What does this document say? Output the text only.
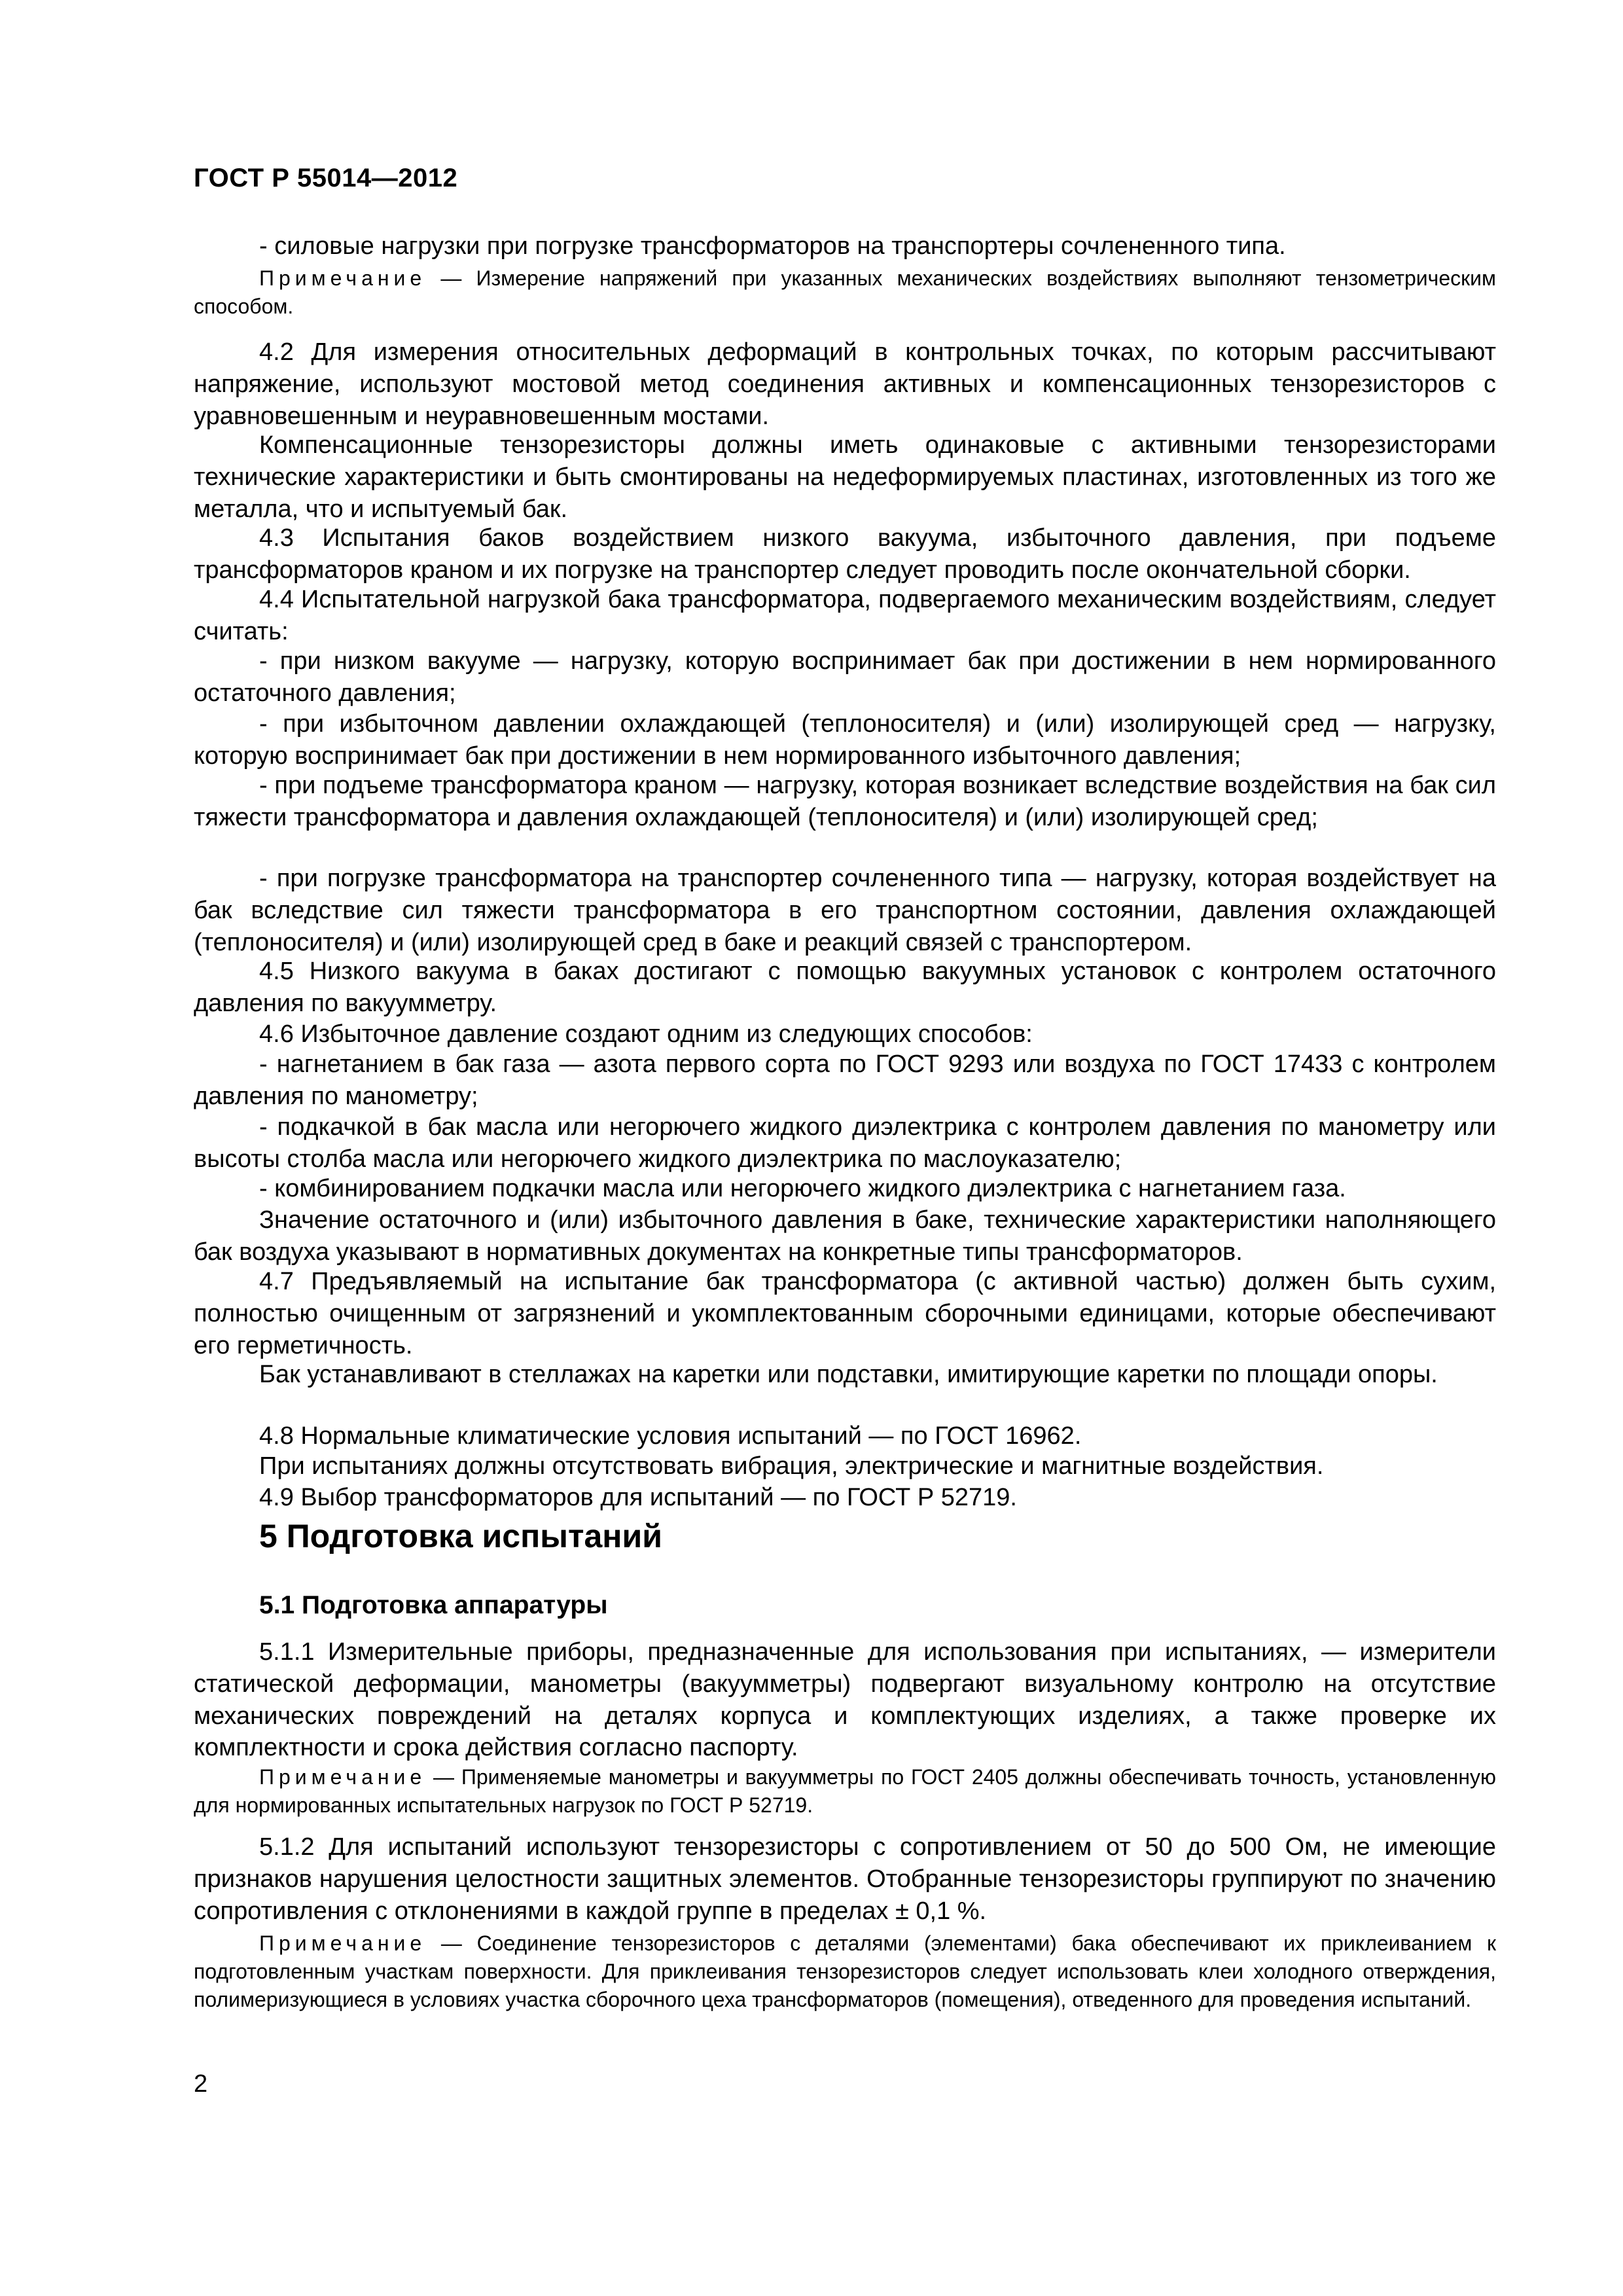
ГОСТ Р 55014—2012

- силовые нагрузки при погрузке трансформаторов на транспортеры сочлененного типа.

Примечание — Измерение напряжений при указанных механических воздействиях выполняют тензометрическим способом.

4.2 Для измерения относительных деформаций в контрольных точках, по которым рассчитывают напряжение, используют мостовой метод соединения активных и компенсационных тензорезисторов с уравновешенным и неуравновешенным мостами.

Компенсационные тензорезисторы должны иметь одинаковые с активными тензорезисторами технические характеристики и быть смонтированы на недеформируемых пластинах, изготовленных из того же металла, что и испытуемый бак.

4.3 Испытания баков воздействием низкого вакуума, избыточного давления, при подъеме трансформаторов краном и их погрузке на транспортер следует проводить после окончательной сборки.

4.4 Испытательной нагрузкой бака трансформатора, подвергаемого механическим воздействиям, следует считать:

- при низком вакууме — нагрузку, которую воспринимает бак при достижении в нем нормированного остаточного давления;

- при избыточном давлении охлаждающей (теплоносителя) и (или) изолирующей сред — нагрузку, которую воспринимает бак при достижении в нем нормированного избыточного давления;

- при подъеме трансформатора краном — нагрузку, которая возникает вследствие воздействия на бак сил тяжести трансформатора и давления охлаждающей (теплоносителя) и (или) изолирующей сред;

- при погрузке трансформатора на транспортер сочлененного типа — нагрузку, которая воздействует на бак вследствие сил тяжести трансформатора в его транспортном состоянии, давления охлаждающей (теплоносителя) и (или) изолирующей сред в баке и реакций связей с транспортером.

4.5 Низкого вакуума в баках достигают с помощью вакуумных установок с контролем остаточного давления по вакуумметру.

4.6 Избыточное давление создают одним из следующих способов:

- нагнетанием в бак газа — азота первого сорта по ГОСТ 9293 или воздуха по ГОСТ 17433 с контролем давления по манометру;

- подкачкой в бак масла или негорючего жидкого диэлектрика с контролем давления по манометру или высоты столба масла или негорючего жидкого диэлектрика по маслоуказателю;

- комбинированием подкачки масла или негорючего жидкого диэлектрика с нагнетанием газа.

Значение остаточного и (или) избыточного давления в баке, технические характеристики наполняющего бак воздуха указывают в нормативных документах на конкретные типы трансформаторов.

4.7 Предъявляемый на испытание бак трансформатора (с активной частью) должен быть сухим, полностью очищенным от загрязнений и укомплектованным сборочными единицами, которые обеспечивают его герметичность.

Бак устанавливают в стеллажах на каретки или подставки, имитирующие каретки по площади опоры.

4.8 Нормальные климатические условия испытаний — по ГОСТ 16962.

При испытаниях должны отсутствовать вибрация, электрические и магнитные воздействия.

4.9 Выбор трансформаторов для испытаний — по ГОСТ Р 52719.

5 Подготовка испытаний
5.1 Подготовка аппаратуры

5.1.1 Измерительные приборы, предназначенные для использования при испытаниях, — измерители статической деформации, манометры (вакуумметры) подвергают визуальному контролю на отсутствие механических повреждений на деталях корпуса и комплектующих изделиях, а также проверке их комплектности и срока действия согласно паспорту.

Примечание — Применяемые манометры и вакуумметры по ГОСТ 2405 должны обеспечивать точность, установленную для нормированных испытательных нагрузок по ГОСТ Р 52719.

5.1.2 Для испытаний используют тензорезисторы с сопротивлением от 50 до 500 Ом, не имеющие признаков нарушения целостности защитных элементов. Отобранные тензорезисторы группируют по значению сопротивления с отклонениями в каждой группе в пределах ± 0,1 %.

Примечание — Соединение тензорезисторов с деталями (элементами) бака обеспечивают их приклеиванием к подготовленным участкам поверхности. Для приклеивания тензорезисторов следует использовать клеи холодного отверждения, полимеризующиеся в условиях участка сборочного цеха трансформаторов (помещения), отведенного для проведения испытаний.

2
